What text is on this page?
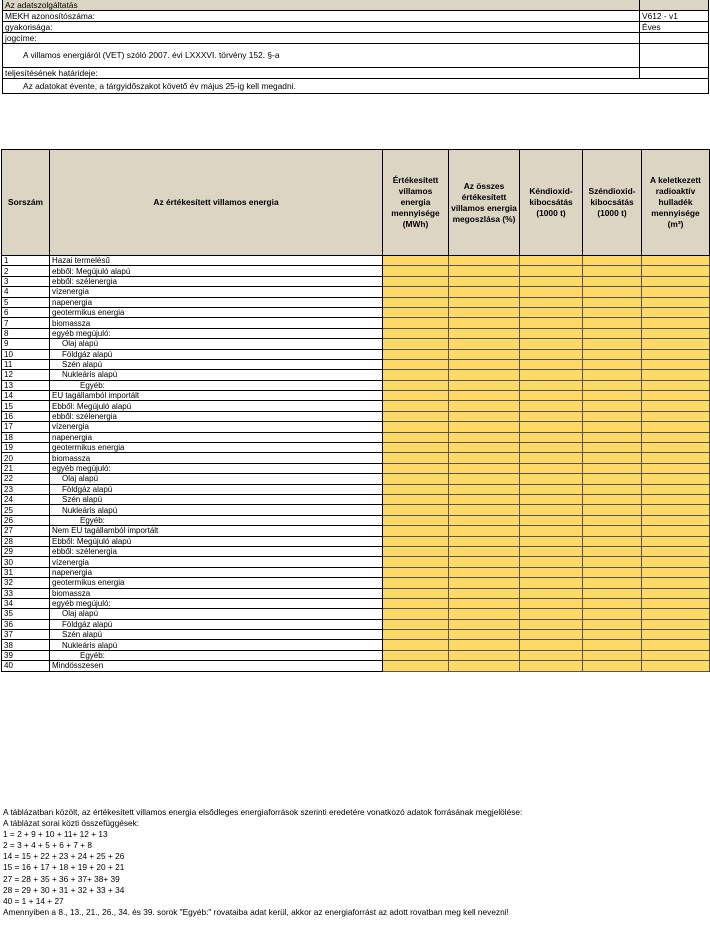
Az adatszolgáltatás
MEKH azonosítószáma:	V612 - v1
gyakorisága:	Éves
jogcíme:
A villamos energiáról (VET) szóló 2007. évi LXXXVI. törvény 152. §-a
teljesítésének határideje:
Az adatokat évente, a tárgyidőszakot követő év május 25-ig kell megadni.
Sorszám	Az értékesített villamos energia	Értékesített villamos energia mennyisége (MWh)	Az összes értékesített villamos energia megoszlása (%)	Kéndioxid-kibocsátás (1000 t)	Széndioxid-kibocsátás (1000 t)	A keletkezett radioaktív hulladék mennyisége (m³)
1	Hazai termelésű					
2	ebből: Megújuló alapú					
3	ebből: szélenergia					
4	vízenergia					
5	napenergia					
6	geotermikus energia					
7	biomassza					
8	egyéb megújuló:					
9	Olaj alapú					
10	Földgáz alapú					
11	Szén alapú					
12	Nukleáris alapú					
13	Egyéb:					
14	EU tagállamból importált					
15	Ebből: Megújuló alapú					
16	ebből: szélenergia					
17	vízenergia					
18	napenergia					
19	geotermikus energia					
20	biomassza					
21	egyéb megújuló:					
22	Olaj alapú					
23	Földgáz alapú					
24	Szén alapú					
25	Nukleáris alapú					
26	Egyéb:					
27	Nem EU tagállamból importált					
28	Ebből: Megújuló alapú					
29	ebből: szélenergia					
30	vízenergia					
31	napenergia					
32	geotermikus energia					
33	biomassza					
34	egyéb megújuló:					
35	Olaj alapú					
36	Földgáz alapú					
37	Szén alapú					
38	Nukleáris alapú					
39	Egyéb:					
40	Mindösszesen					
A táblázatban közölt, az értékesített villamos energia elsődleges energiaforrások szerinti eredetére vonatkozó adatok forrásának megjelölése:
A táblázat sorai közti összefüggések:
1 = 2 + 9 + 10 + 11+ 12 + 13
2 = 3 + 4 + 5 + 6 + 7 + 8
14 = 15 + 22 + 23 + 24 + 25 + 26
15 = 16 + 17 + 18 + 19 + 20 + 21
27 = 28 + 35 + 36 + 37+ 38+ 39
28 = 29 + 30 + 31 + 32 + 33 + 34
40 = 1 + 14 + 27
Amennyiben a 8., 13., 21., 26., 34. és 39. sorok "Egyéb:" rovataiba adat kerül, akkor az energiaforrást az adott rovatban meg kell nevezni!
